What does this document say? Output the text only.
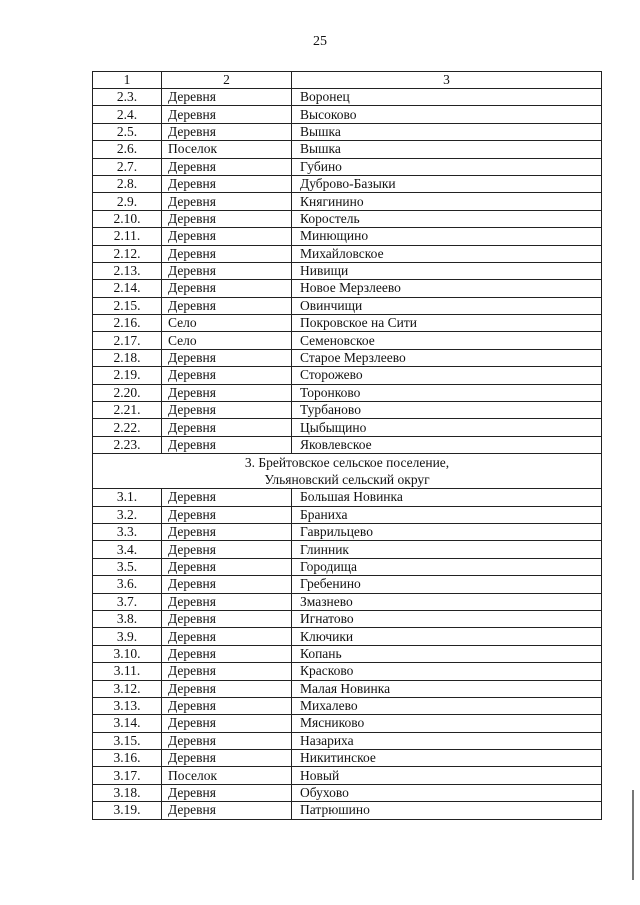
25
1	2	3
2.3.	Деревня	Воронец
2.4.	Деревня	Высоково
2.5.	Деревня	Вышка
2.6.	Поселок	Вышка
2.7.	Деревня	Губино
2.8.	Деревня	Дуброво-Базыки
2.9.	Деревня	Княгинино
2.10.	Деревня	Коростель
2.11.	Деревня	Минющино
2.12.	Деревня	Михайловское
2.13.	Деревня	Нивищи
2.14.	Деревня	Новое Мерзлеево
2.15.	Деревня	Овинчищи
2.16.	Село	Покровское на Сити
2.17.	Село	Семеновское
2.18.	Деревня	Старое Мерзлеево
2.19.	Деревня	Сторожево
2.20.	Деревня	Торонково
2.21.	Деревня	Турбаново
2.22.	Деревня	Цыбыщино
2.23.	Деревня	Яковлевское
3. Брейтовское сельское поселение,
Ульяновский сельский округ		
3.1.	Деревня	Большая Новинка
3.2.	Деревня	Браниха
3.3.	Деревня	Гаврильцево
3.4.	Деревня	Глинник
3.5.	Деревня	Городища
3.6.	Деревня	Гребенино
3.7.	Деревня	Змазнево
3.8.	Деревня	Игнатово
3.9.	Деревня	Ключики
3.10.	Деревня	Копань
3.11.	Деревня	Красково
3.12.	Деревня	Малая Новинка
3.13.	Деревня	Михалево
3.14.	Деревня	Мясниково
3.15.	Деревня	Назариха
3.16.	Деревня	Никитинское
3.17.	Поселок	Новый
3.18.	Деревня	Обухово
3.19.	Деревня	Патрюшино
